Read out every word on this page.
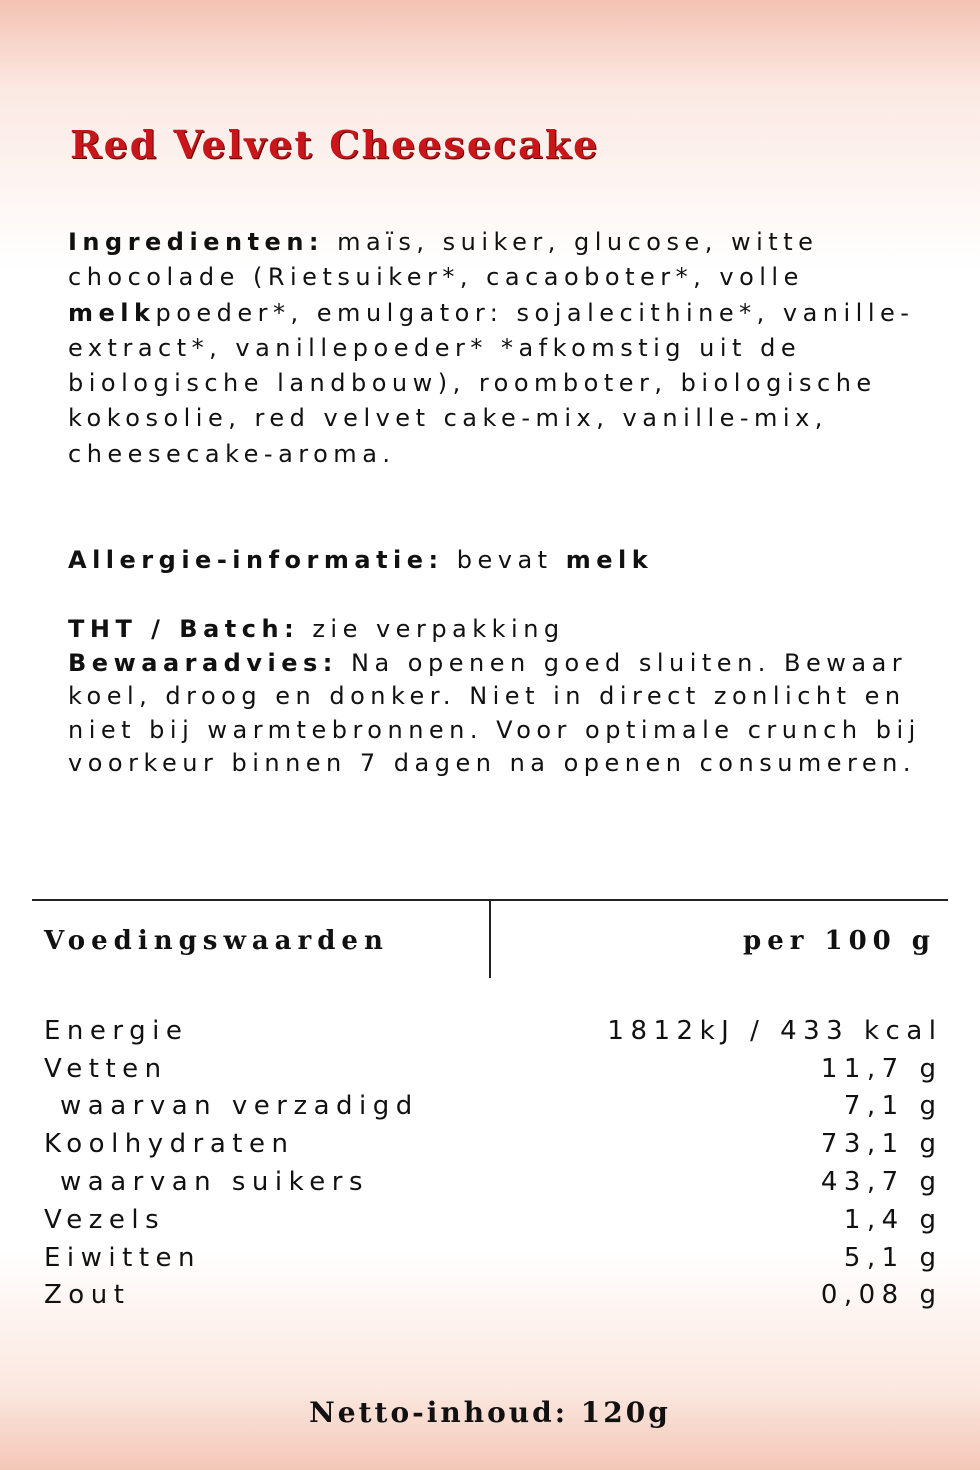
Red Velvet Cheesecake

Ingredienten: maïs, suiker, glucose, witte chocolade (Rietsuiker*, cacaoboter*, volle melkpoeder*, emulgator: sojalecithine*, vanille-extract*, vanillepoeder* *afkomstig uit de biologische landbouw), roomboter, biologische kokosolie, red velvet cake-mix, vanille-mix, cheesecake-aroma.

Allergie-informatie: bevat melk

THT / Batch: zie verpakking
Bewaaradvies: Na openen goed sluiten. Bewaar koel, droog en donker. Niet in direct zonlicht en niet bij warmtebronnen. Voor optimale crunch bij voorkeur binnen 7 dagen na openen consumeren.

Voedingswaarden	per 100 g
Energie	1812kJ / 433 kcal
Vetten	11,7 g
waarvan verzadigd	7,1 g
Koolhydraten	73,1 g
waarvan suikers	43,7 g
Vezels	1,4 g
Eiwitten	5,1 g
Zout	0,08 g

Netto-inhoud: 120g
